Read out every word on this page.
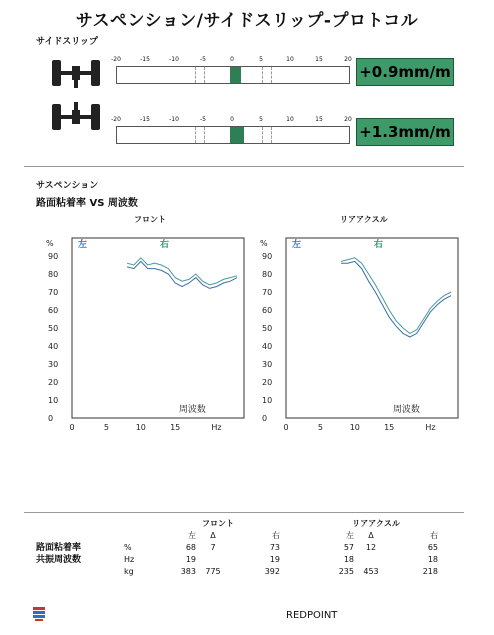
サスペンション/サイドスリップ-プロトコル
サイドスリップ
-20	-15	-10	-5	0	5	10	15	20
+0.9mm/m
-20	-15	-10	-5	0	5	10	15	20
+1.3mm/m
サスペンション
路面粘着率 VS 周波数
フロント	リアアクスル
%
0
10
20
30
40
50
60
70
80
90
0	5	10	15	Hz
周波数
左	右	%
0
10
20
30
40
50
60
70
80
90
0	5	10	15	Hz
周波数
左	右
		フロント				リアアクスル		
		左	Δ	右		左	Δ	右
路面粘着率	%	68	7	73		57	12	65
共振周波数	Hz	19		19		18		18
	kg	383	775	392		235	453	218
REDPOINT
